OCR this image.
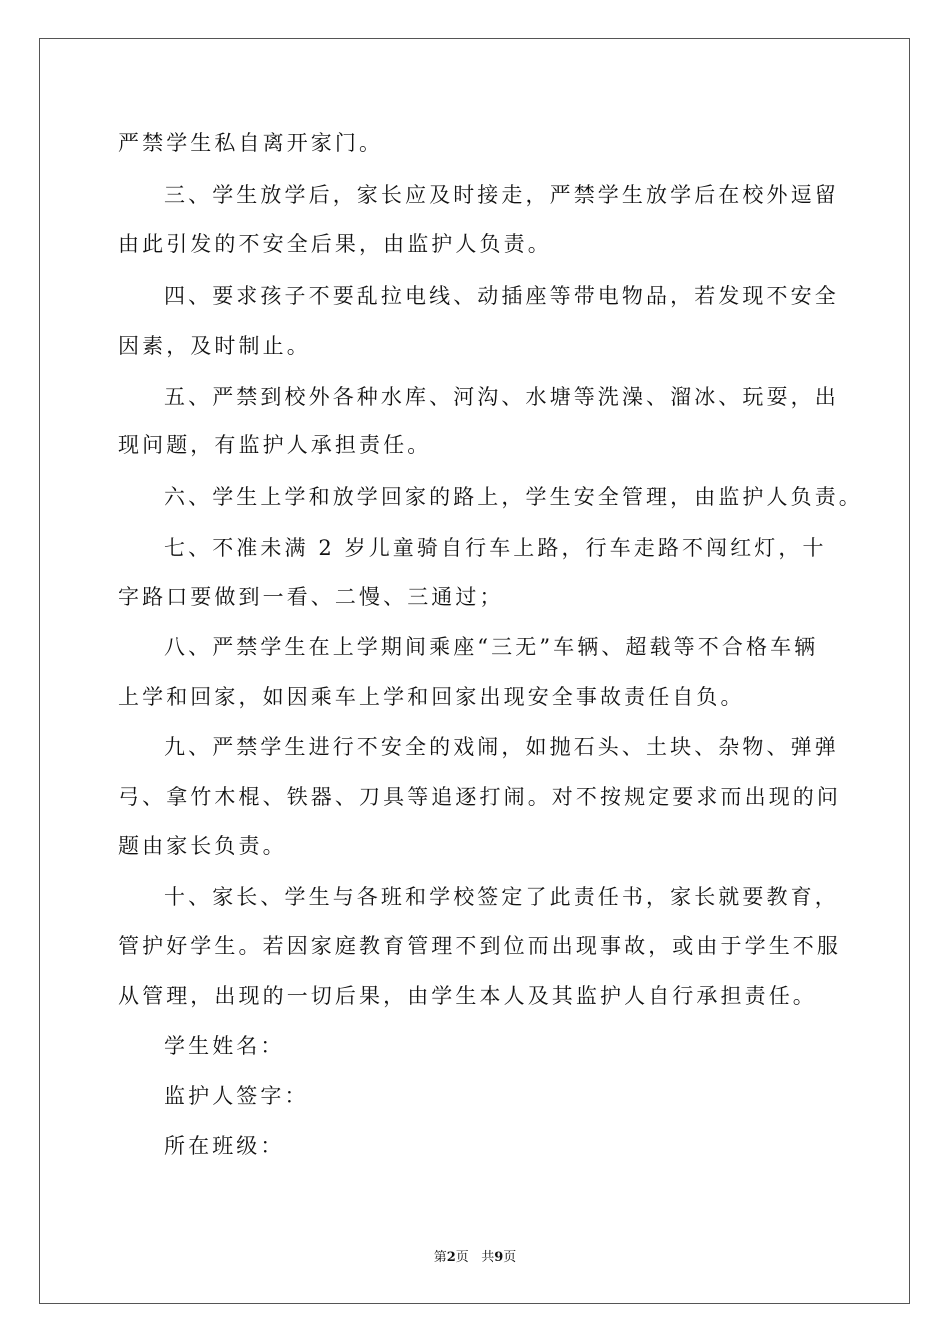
严禁学生私自离开家门。
三、学生放学后，家长应及时接走，严禁学生放学后在校外逗留
由此引发的不安全后果，由监护人负责。
四、要求孩子不要乱拉电线、动插座等带电物品，若发现不安全
因素，及时制止。
五、严禁到校外各种水库、河沟、水塘等洗澡、溜冰、玩耍，出
现问题，有监护人承担责任。
六、学生上学和放学回家的路上，学生安全管理，由监护人负责。
七、不准未满 2 岁儿童骑自行车上路，行车走路不闯红灯，十
字路口要做到一看、二慢、三通过；
八、严禁学生在上学期间乘座“三无”车辆、超载等不合格车辆
上学和回家，如因乘车上学和回家出现安全事故责任自负。
九、严禁学生进行不安全的戏闹，如抛石头、土块、杂物、弹弹
弓、拿竹木棍、铁器、刀具等追逐打闹。对不按规定要求而出现的问
题由家长负责。
十、家长、学生与各班和学校签定了此责任书，家长就要教育，
管护好学生。若因家庭教育管理不到位而出现事故，或由于学生不服
从管理，出现的一切后果，由学生本人及其监护人自行承担责任。
学生姓名：
监护人签字：
所在班级：
第2页 共9页
